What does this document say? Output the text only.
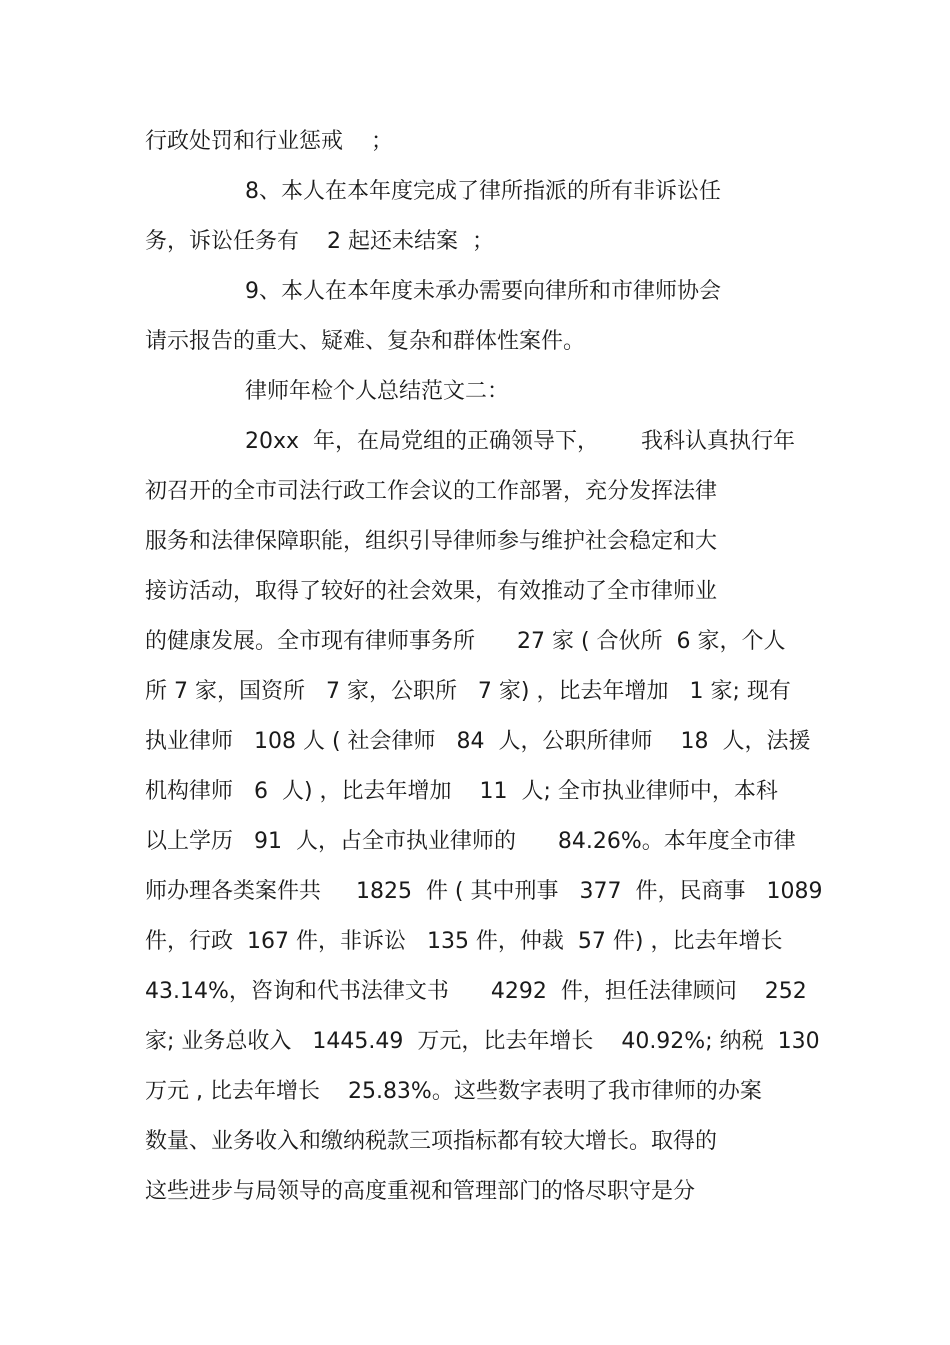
行政处罚和行业惩戒    ；
8、本人在本年度完成了律所指派的所有非诉讼任
务，诉讼任务有    2 起还未结案  ；
9、本人在本年度未承办需要向律所和市律师协会
请示报告的重大、疑难、复杂和群体性案件。
律师年检个人总结范文二：
20xx  年，在局党组的正确领导下，      我科认真执行年
初召开的全市司法行政工作会议的工作部署，充分发挥法律
服务和法律保障职能，组织引导律师参与维护社会稳定和大
接访活动，取得了较好的社会效果，有效推动了全市律师业
的健康发展。全市现有律师事务所      27 家 ( 合伙所  6 家，个人
所 7 家，国资所   7 家，公职所   7 家) ，比去年增加   1 家; 现有
执业律师   108 人 ( 社会律师   84  人，公职所律师    18  人，法援
机构律师   6  人) ，比去年增加    11  人; 全市执业律师中，本科
以上学历   91  人，占全市执业律师的      84.26%。本年度全市律
师办理各类案件共     1825  件 ( 其中刑事   377  件，民商事   1089
件，行政  167 件，非诉讼   135 件，仲裁  57 件) ，比去年增长
43.14%，咨询和代书法律文书      4292  件，担任法律顾问    252
家; 业务总收入   1445.49  万元，比去年增长    40.92%; 纳税  130
万元 , 比去年增长    25.83%。这些数字表明了我市律师的办案
数量、业务收入和缴纳税款三项指标都有较大增长。取得的
这些进步与局领导的高度重视和管理部门的恪尽职守是分
